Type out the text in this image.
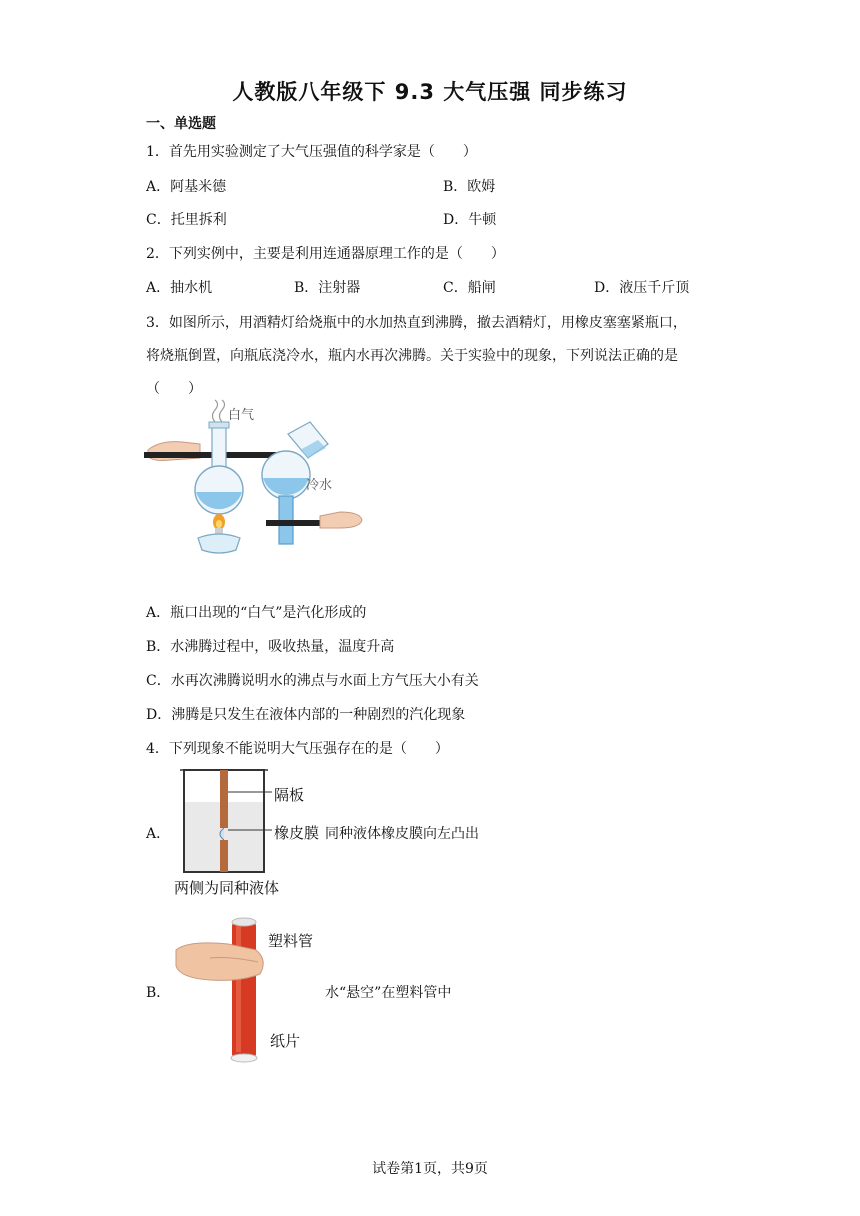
人教版八年级下 9.3 大气压强 同步练习
一、单选题
1．首先用实验测定了大气压强值的科学家是（　　）
A．阿基米德	B．欧姆
C．托里拆利	D．牛顿
2．下列实例中，主要是利用连通器原理工作的是（　　）
A．抽水机	B．注射器	C．船闸	D．液压千斤顶
3．如图所示，用酒精灯给烧瓶中的水加热直到沸腾，撤去酒精灯，用橡皮塞塞紧瓶口，
将烧瓶倒置，向瓶底浇冷水，瓶内水再次沸腾。关于实验中的现象，下列说法正确的是
（　　）
白气
冷水
A．瓶口出现的“白气”是汽化形成的
B．水沸腾过程中，吸收热量，温度升高
C．水再次沸腾说明水的沸点与水面上方气压大小有关
D．沸腾是只发生在液体内部的一种剧烈的汽化现象
4．下列现象不能说明大气压强存在的是（　　）
A．
隔板
橡皮膜 同种液体橡皮膜向左凸出
两侧为同种液体
B．
塑料管
纸片
水“悬空”在塑料管中
试卷第1页，共9页
